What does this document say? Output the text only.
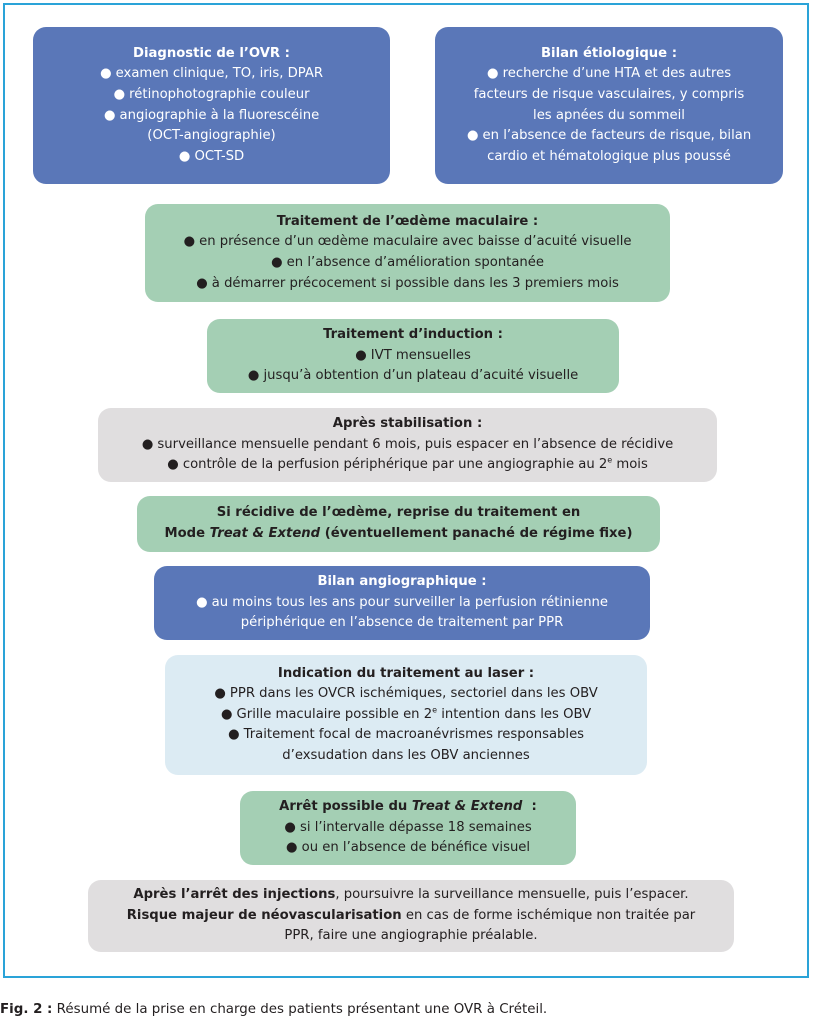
Diagnostic de l’OVR :
● examen clinique, TO, iris, DPAR
● rétinophotographie couleur
● angiographie à la fluorescéine
(OCT-angiographie)
● OCT-SD
Bilan étiologique :
● recherche d’une HTA et des autres
facteurs de risque vasculaires, y compris
les apnées du sommeil
● en l’absence de facteurs de risque, bilan
cardio et hématologique plus poussé
Traitement de l’œdème maculaire :
● en présence d’un œdème maculaire avec baisse d’acuité visuelle
● en l’absence d’amélioration spontanée
● à démarrer précocement si possible dans les 3 premiers mois
Traitement d’induction :
● IVT mensuelles
● jusqu’à obtention d’un plateau d’acuité visuelle
Après stabilisation :
● surveillance mensuelle pendant 6 mois, puis espacer en l’absence de récidive
● contrôle de la perfusion périphérique par une angiographie au 2e mois
Si récidive de l’œdème, reprise du traitement en
Mode Treat & Extend (éventuellement panaché de régime fixe)
Bilan angiographique :
● au moins tous les ans pour surveiller la perfusion rétinienne
périphérique en l’absence de traitement par PPR
Indication du traitement au laser :
● PPR dans les OVCR ischémiques, sectoriel dans les OBV
● Grille maculaire possible en 2e intention dans les OBV
● Traitement focal de macroanévrismes responsables
d’exsudation dans les OBV anciennes
Arrêt possible du Treat & Extend  :
● si l’intervalle dépasse 18 semaines
● ou en l’absence de bénéfice visuel
Après l’arrêt des injections, poursuivre la surveillance mensuelle, puis l’espacer.
Risque majeur de néovascularisation en cas de forme ischémique non traitée par
PPR, faire une angiographie préalable.
Fig. 2 : Résumé de la prise en charge des patients présentant une OVR à Créteil.
